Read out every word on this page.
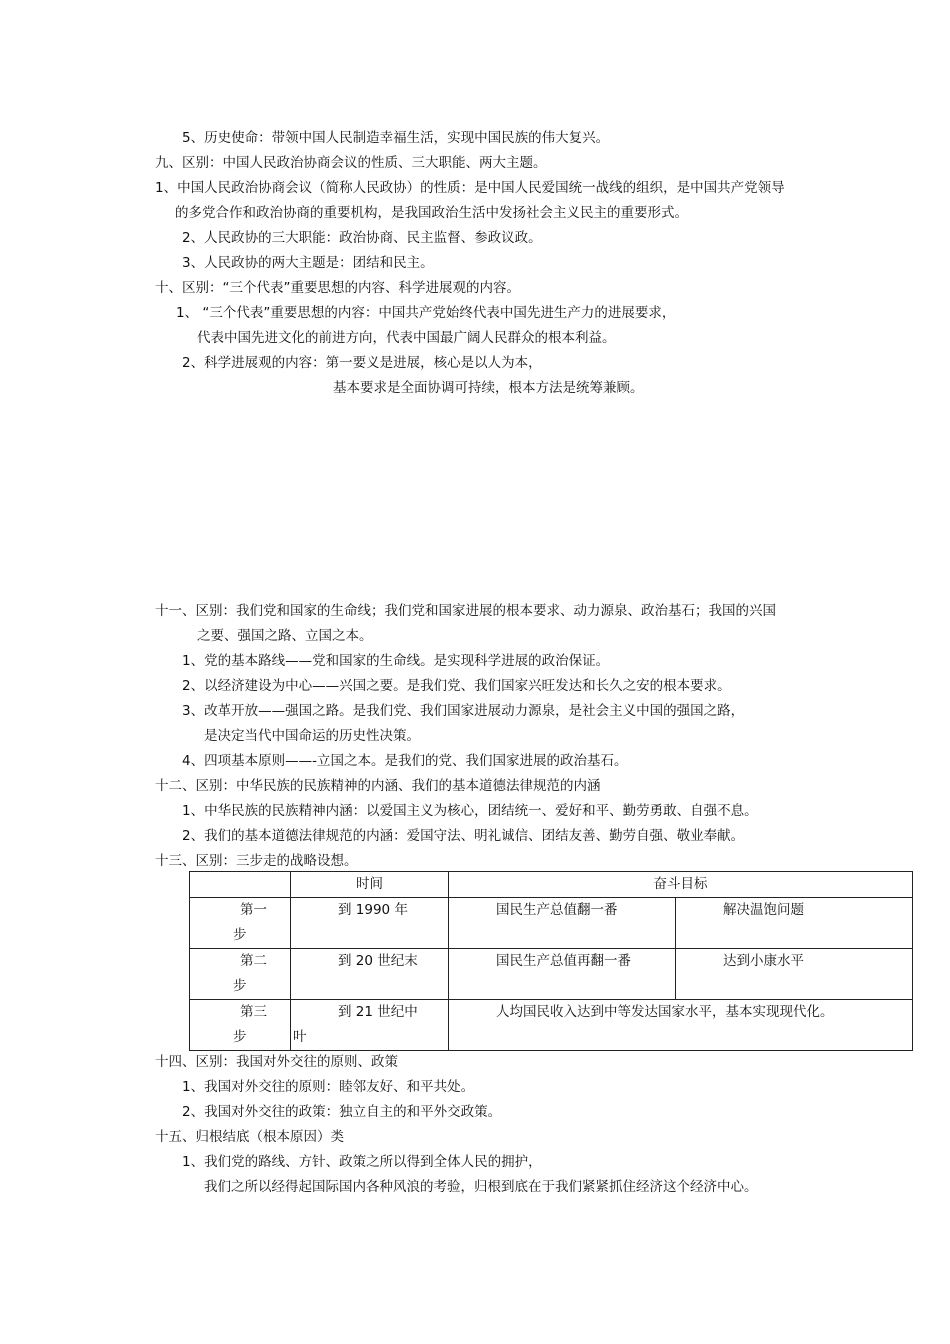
5、历史使命：带领中国人民制造幸福生活，实现中国民族的伟大复兴。
九、区别：中国人民政治协商会议的性质、三大职能、两大主题。
1、中国人民政治协商会议（简称人民政协）的性质：是中国人民爱国统一战线的组织，是中国共产党领导
的多党合作和政治协商的重要机构，是我国政治生活中发扬社会主义民主的重要形式。
2、人民政协的三大职能：政治协商、民主监督、参政议政。
3、人民政协的两大主题是：团结和民主。
十、区别：“三个代表”重要思想的内容、科学进展观的内容。
1、 “三个代表”重要思想的内容：中国共产党始终代表中国先进生产力的进展要求，
代表中国先进文化的前进方向，代表中国最广阔人民群众的根本利益。
2、科学进展观的内容：第一要义是进展，核心是以人为本，
基本要求是全面协调可持续，根本方法是统筹兼顾。
十一、区别：我们党和国家的生命线；我们党和国家进展的根本要求、动力源泉、政治基石；我国的兴国
之要、强国之路、立国之本。
1、党的基本路线——党和国家的生命线。是实现科学进展的政治保证。
2、以经济建设为中心——兴国之要。是我们党、我们国家兴旺发达和长久之安的根本要求。
3、改革开放——强国之路。是我们党、我们国家进展动力源泉，是社会主义中国的强国之路，
是决定当代中国命运的历史性决策。
4、四项基本原则——-立国之本。是我们的党、我们国家进展的政治基石。
十二、区别：中华民族的民族精神的内涵、我们的基本道德法律规范的内涵
1、中华民族的民族精神内涵：以爱国主义为核心，团结统一、爱好和平、勤劳勇敢、自强不息。
2、我们的基本道德法律规范的内涵：爱国守法、明礼诚信、团结友善、勤劳自强、敬业奉献。
十三、区别：三步走的战略设想。
	时间	奋斗目标	

第一
步	到 1990 年	国民生产总值翻一番	解决温饱问题

第二
步	到 20 世纪末	国民生产总值再翻一番	达到小康水平

第三
步	到 21 世纪中
叶	人均国民收入达到中等发达国家水平，基本实现现代化。	
十四、区别：我国对外交往的原则、政策
1、我国对外交往的原则：睦邻友好、和平共处。
2、我国对外交往的政策：独立自主的和平外交政策。
十五、归根结底（根本原因）类
1、我们党的路线、方针、政策之所以得到全体人民的拥护，
我们之所以经得起国际国内各种风浪的考验，归根到底在于我们紧紧抓住经济这个经济中心。
